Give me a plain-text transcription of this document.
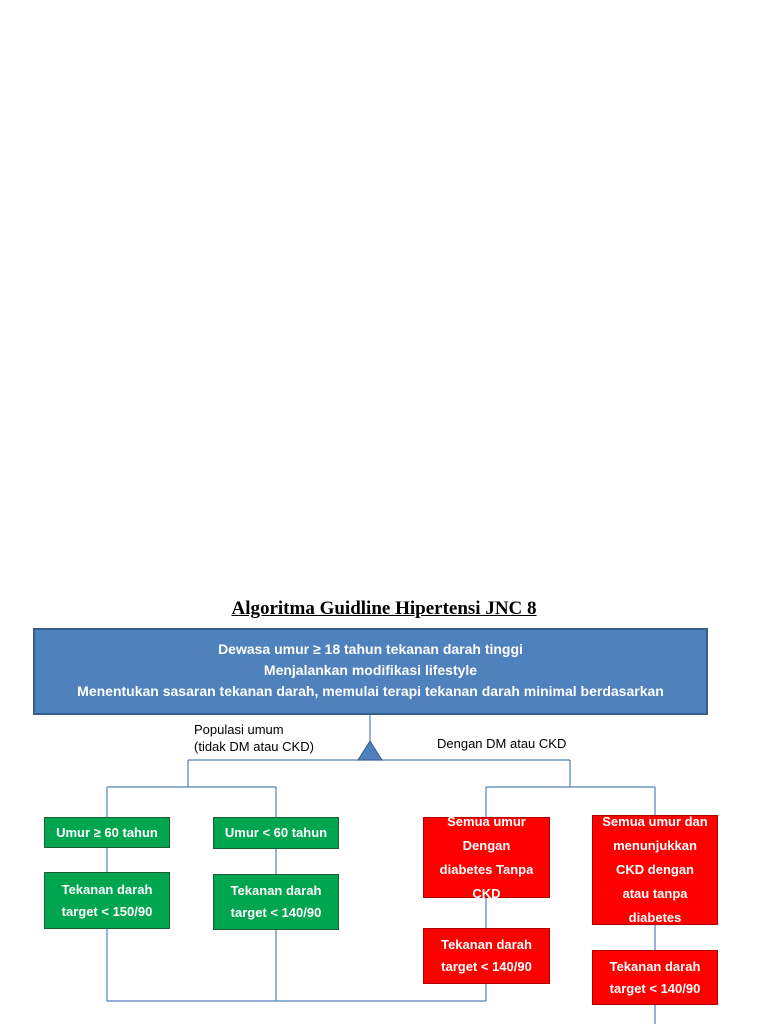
Algoritma Guidline Hipertensi JNC 8
Dewasa umur ≥ 18 tahun tekanan darah tinggi
Menjalankan modifikasi lifestyle
Menentukan sasaran tekanan darah, memulai terapi tekanan darah minimal berdasarkan
Populasi umum
(tidak DM atau CKD)	Dengan DM atau CKD
Umur ≥ 60 tahun	Umur < 60 tahun
Tekanan darah target < 150/90
Tekanan darah target < 140/90
Semua umur Dengan diabetes Tanpa CKD
Tekanan darah target < 140/90
Semua umur dan menunjukkan CKD dengan atau tanpa diabetes
Tekanan darah target < 140/90
